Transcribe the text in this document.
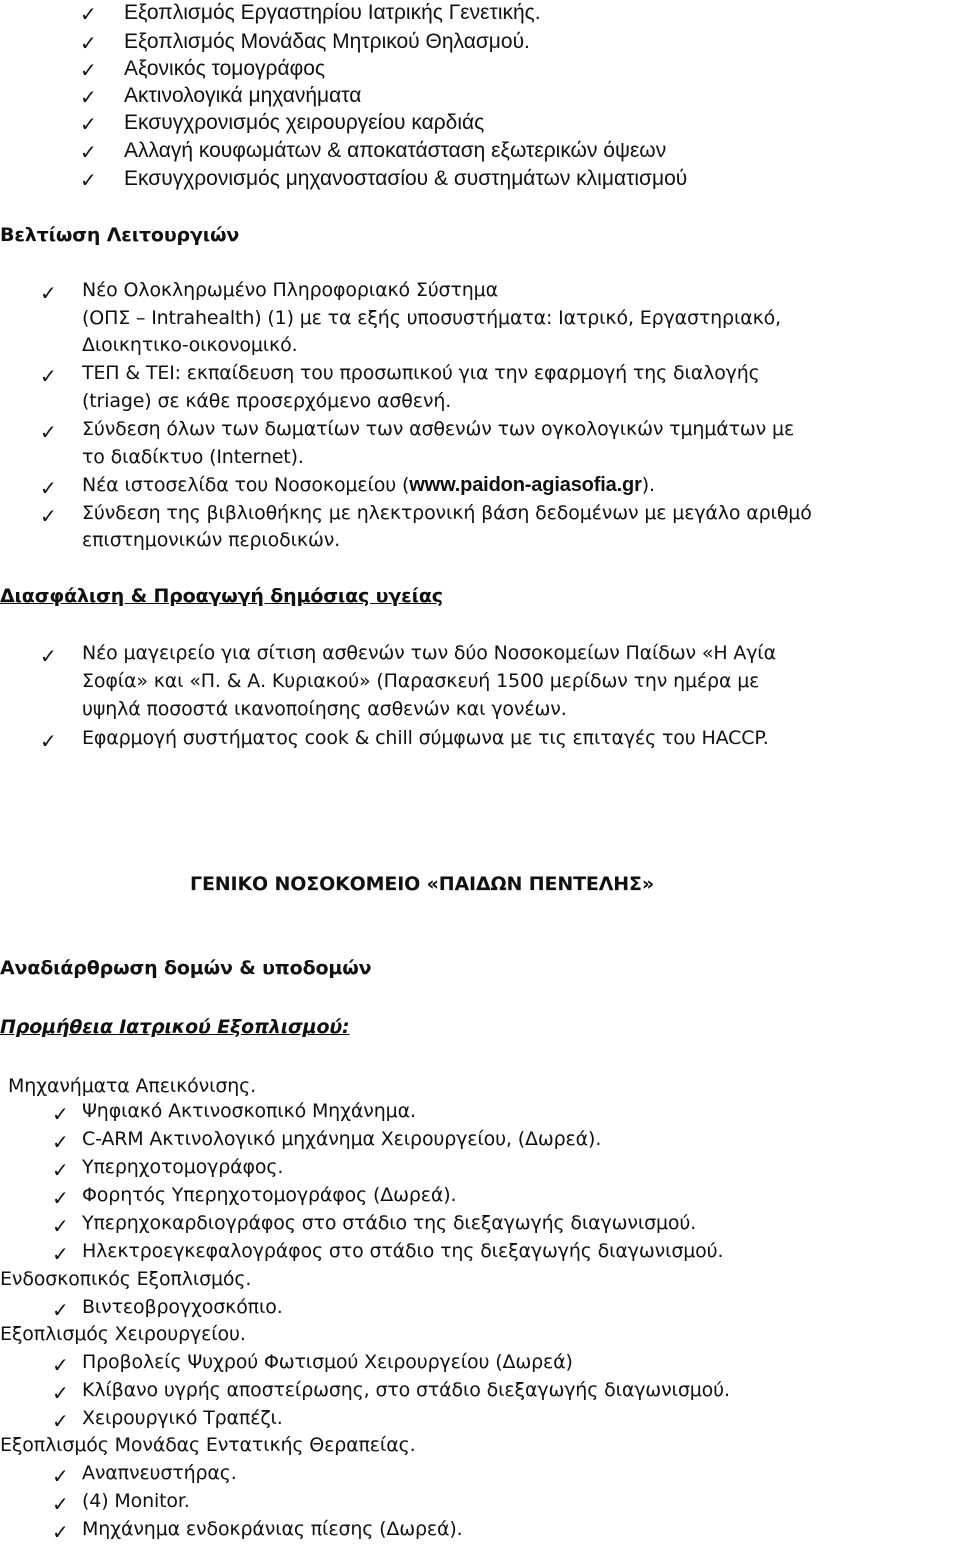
✓ Εξοπλισμός Εργαστηρίου Ιατρικής Γενετικής.
✓ Εξοπλισμός Μονάδας Μητρικού Θηλασμού.
✓ Αξονικός τομογράφος
✓ Ακτινολογικά μηχανήματα
✓ Εκσυγχρονισμός χειρουργείου καρδιάς
✓ Αλλαγή κουφωμάτων & αποκατάσταση εξωτερικών όψεων
✓ Εκσυγχρονισμός μηχανοστασίου & συστημάτων κλιματισμού
Βελτίωση Λειτουργιών
✓ Νέο Ολοκληρωμένο Πληροφοριακό Σύστημα
(ΟΠΣ – Intrahealth) (1) με τα εξής υποσυστήματα: Ιατρικό, Εργαστηριακό,
Διοικητικο-οικονομικό.
✓ ΤΕΠ & ΤΕΙ: εκπαίδευση του προσωπικού για την εφαρμογή της διαλογής
(triage) σε κάθε προσερχόμενο ασθενή.
✓ Σύνδεση όλων των δωματίων των ασθενών των ογκολογικών τμημάτων με
το διαδίκτυο (Internet).
✓ Νέα ιστοσελίδα του Νοσοκομείου (www.paidon-agiasofia.gr).
✓ Σύνδεση της βιβλιοθήκης με ηλεκτρονική βάση δεδομένων με μεγάλο αριθμό
επιστημονικών περιοδικών.
Διασφάλιση & Προαγωγή δημόσιας υγείας
✓ Νέο μαγειρείο για σίτιση ασθενών των δύο Νοσοκομείων Παίδων «Η Αγία
Σοφία» και «Π. & Α. Κυριακού» (Παρασκευή 1500 μερίδων την ημέρα με
υψηλά ποσοστά ικανοποίησης ασθενών και γονέων.
✓ Εφαρμογή συστήματος cook & chill σύμφωνα με τις επιταγές του HACCP.
ΓΕΝΙΚΟ ΝΟΣΟΚΟΜΕΙΟ «ΠΑΙΔΩΝ ΠΕΝΤΕΛΗΣ»
Αναδιάρθρωση δομών & υποδομών
Προμήθεια Ιατρικού Εξοπλισμού:
Μηχανήματα Απεικόνισης.
✓ Ψηφιακό Ακτινοσκοπικό Μηχάνημα.
✓ C-ARM Ακτινολογικό μηχάνημα Χειρουργείου, (Δωρεά).
✓ Υπερηχοτομογράφος.
✓ Φορητός Υπερηχοτομογράφος (Δωρεά).
✓ Υπερηχοκαρδιογράφος στο στάδιο της διεξαγωγής διαγωνισμού.
✓ Ηλεκτροεγκεφαλογράφος στο στάδιο της διεξαγωγής διαγωνισμού.
Ενδοσκοπικός Εξοπλισμός.
✓ Βιντεοβρογχοσκόπιο.
Εξοπλισμός Χειρουργείου.
✓ Προβολείς Ψυχρού Φωτισμού Χειρουργείου (Δωρεά)
✓ Κλίβανο υγρής αποστείρωσης, στο στάδιο διεξαγωγής διαγωνισμού.
✓ Χειρουργικό Τραπέζι.
Εξοπλισμός Μονάδας Εντατικής Θεραπείας.
✓ Αναπνευστήρας.
✓ (4) Monitor.
✓ Μηχάνημα ενδοκράνιας πίεσης (Δωρεά).
